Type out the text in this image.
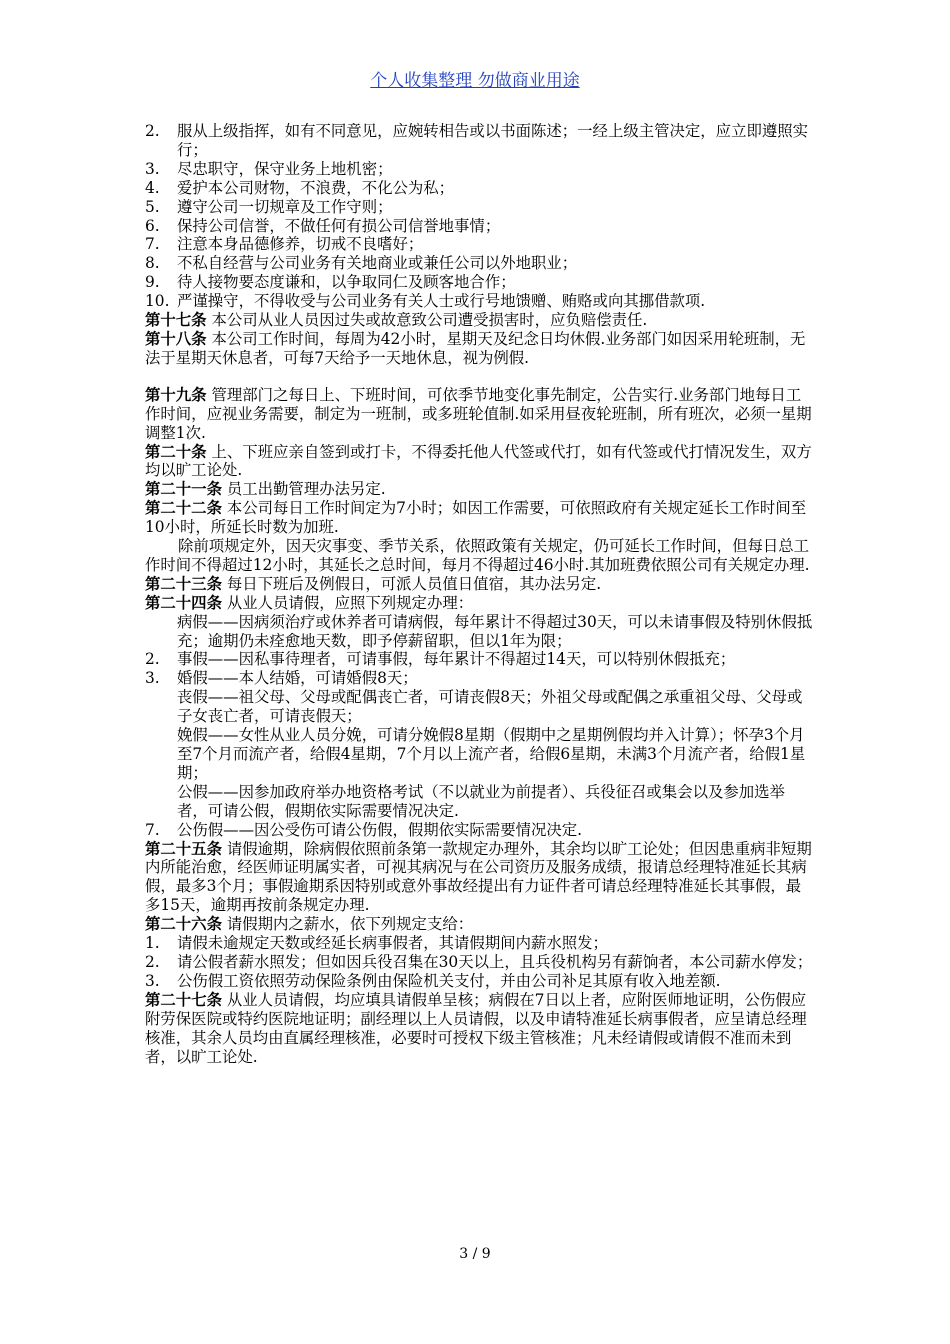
个人收集整理 勿做商业用途
2. 服从上级指挥，如有不同意见，应婉转相告或以书面陈述；一经上级主管决定，应立即遵照实行；
3. 尽忠职守，保守业务上地机密；
4. 爱护本公司财物，不浪费，不化公为私；
5. 遵守公司一切规章及工作守则；
6. 保持公司信誉，不做任何有损公司信誉地事情；
7. 注意本身品德修养，切戒不良嗜好；
8. 不私自经营与公司业务有关地商业或兼任公司以外地职业；
9. 待人接物要态度谦和，以争取同仁及顾客地合作；
10. 严谨操守，不得收受与公司业务有关人士或行号地馈赠、贿赂或向其挪借款项.
第十七条 本公司从业人员因过失或故意致公司遭受损害时，应负赔偿责任.
第十八条 本公司工作时间，每周为42小时，星期天及纪念日均休假.业务部门如因采用轮班制，无法于星期天休息者，可每7天给予一天地休息，视为例假.
第十九条 管理部门之每日上、下班时间，可依季节地变化事先制定，公告实行.业务部门地每日工作时间，应视业务需要，制定为一班制，或多班轮值制.如采用昼夜轮班制，所有班次，必须一星期调整1次.
第二十条 上、下班应亲自签到或打卡，不得委托他人代签或代打，如有代签或代打情况发生，双方均以旷工论处.
第二十一条 员工出勤管理办法另定.
第二十二条 本公司每日工作时间定为7小时；如因工作需要，可依照政府有关规定延长工作时间至10小时，所延长时数为加班.
除前项规定外，因天灾事变、季节关系，依照政策有关规定，仍可延长工作时间，但每日总工作时间不得超过12小时，其延长之总时间，每月不得超过46小时.其加班费依照公司有关规定办理.
第二十三条 每日下班后及例假日，可派人员值日值宿，其办法另定.
第二十四条 从业人员请假，应照下列规定办理：
病假——因病须治疗或休养者可请病假，每年累计不得超过30天，可以未请事假及特别休假抵充；逾期仍未痊愈地天数，即予停薪留职，但以1年为限；
2. 事假——因私事待理者，可请事假，每年累计不得超过14天，可以特别休假抵充；
3. 婚假——本人结婚，可请婚假8天；
丧假——祖父母、父母或配偶丧亡者，可请丧假8天；外祖父母或配偶之承重祖父母、父母或子女丧亡者，可请丧假天；
娩假——女性从业人员分娩，可请分娩假8星期（假期中之星期例假均并入计算）；怀孕3个月至7个月而流产者，给假4星期，7个月以上流产者，给假6星期，未满3个月流产者，给假1星期；
公假——因参加政府举办地资格考试（不以就业为前提者）、兵役征召或集会以及参加选举者，可请公假，假期依实际需要情况决定.
7. 公伤假——因公受伤可请公伤假，假期依实际需要情况决定.
第二十五条 请假逾期，除病假依照前条第一款规定办理外，其余均以旷工论处；但因患重病非短期内所能治愈，经医师证明属实者，可视其病况与在公司资历及服务成绩，报请总经理特准延长其病假，最多3个月；事假逾期系因特别或意外事故经提出有力证件者可请总经理特准延长其事假，最多15天，逾期再按前条规定办理.
第二十六条 请假期内之薪水，依下列规定支给：
1. 请假未逾规定天数或经延长病事假者，其请假期间内薪水照发；
2. 请公假者薪水照发；但如因兵役召集在30天以上，且兵役机构另有薪饷者，本公司薪水停发；
3. 公伤假工资依照劳动保险条例由保险机关支付，并由公司补足其原有收入地差额.
第二十七条 从业人员请假，均应填具请假单呈核；病假在7日以上者，应附医师地证明，公伤假应附劳保医院或特约医院地证明；副经理以上人员请假，以及申请特准延长病事假者，应呈请总经理核准，其余人员均由直属经理核准，必要时可授权下级主管核准；凡未经请假或请假不准而未到者，以旷工论处.
3 / 9
